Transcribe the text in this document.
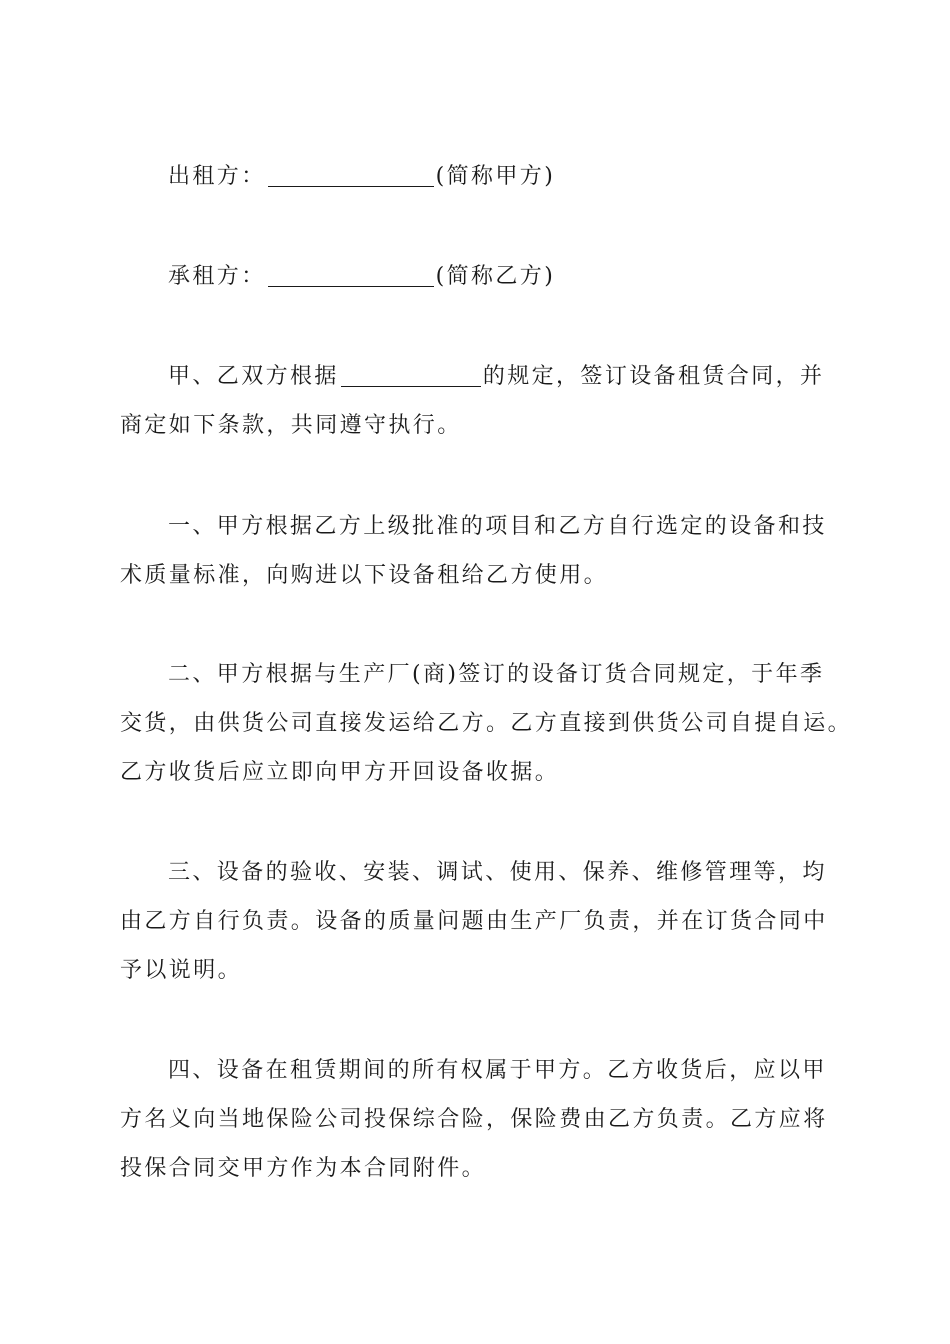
出租方：	(简称甲方)
承租方：	(简称乙方)
甲、乙双方根据	的规定，签订设备租赁合同，并
商定如下条款，共同遵守执行。
一、甲方根据乙方上级批准的项目和乙方自行选定的设备和技
术质量标准，向购进以下设备租给乙方使用。
二、甲方根据与生产厂(商)签订的设备订货合同规定，于年季
交货，由供货公司直接发运给乙方。乙方直接到供货公司自提自运。
乙方收货后应立即向甲方开回设备收据。
三、设备的验收、安装、调试、使用、保养、维修管理等，均
由乙方自行负责。设备的质量问题由生产厂负责，并在订货合同中
予以说明。
四、设备在租赁期间的所有权属于甲方。乙方收货后，应以甲
方名义向当地保险公司投保综合险，保险费由乙方负责。乙方应将
投保合同交甲方作为本合同附件。
